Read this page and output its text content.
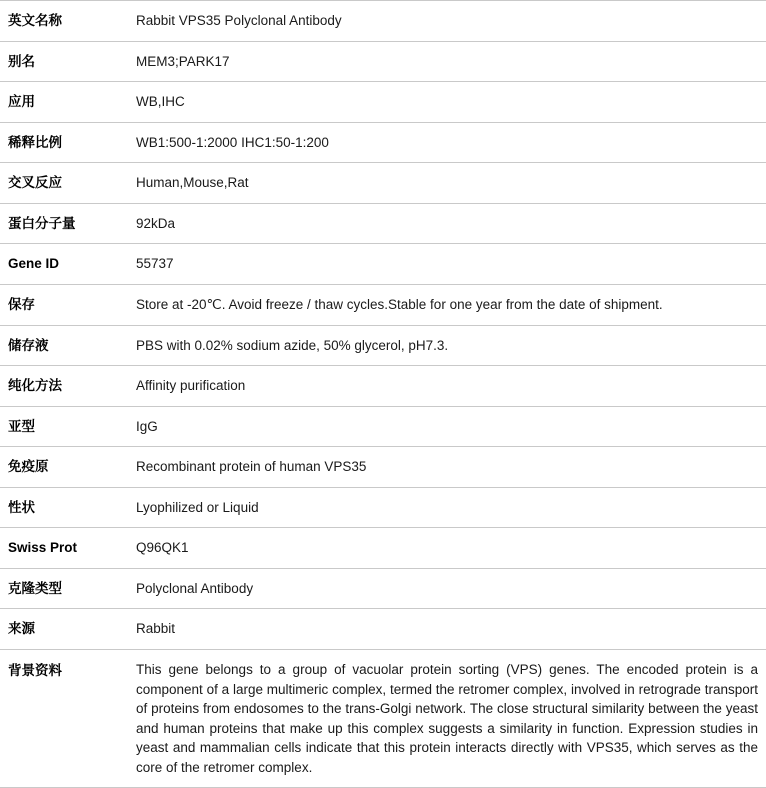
英文名称	Rabbit VPS35 Polyclonal Antibody
别名	MEM3;PARK17
应用	WB,IHC
稀释比例	WB1:500-1:2000 IHC1:50-1:200
交叉反应	Human,Mouse,Rat
蛋白分子量	92kDa
Gene ID	55737
保存	Store at -20℃. Avoid freeze / thaw cycles.Stable for one year from the date of shipment.
储存液	PBS with 0.02% sodium azide, 50% glycerol, pH7.3.
纯化方法	Affinity purification
亚型	IgG
免疫原	Recombinant protein of human VPS35
性状	Lyophilized or Liquid
Swiss Prot	Q96QK1
克隆类型	Polyclonal Antibody
来源	Rabbit
背景资料	This gene belongs to a group of vacuolar protein sorting (VPS) genes. The encoded protein is a component of a large multimeric complex, termed the retromer complex, involved in retrograde transport of proteins from endosomes to the trans-Golgi network. The close structural similarity between the yeast and human proteins that make up this complex suggests a similarity in function. Expression studies in yeast and mammalian cells indicate that this protein interacts directly with VPS35, which serves as the core of the retromer complex.
